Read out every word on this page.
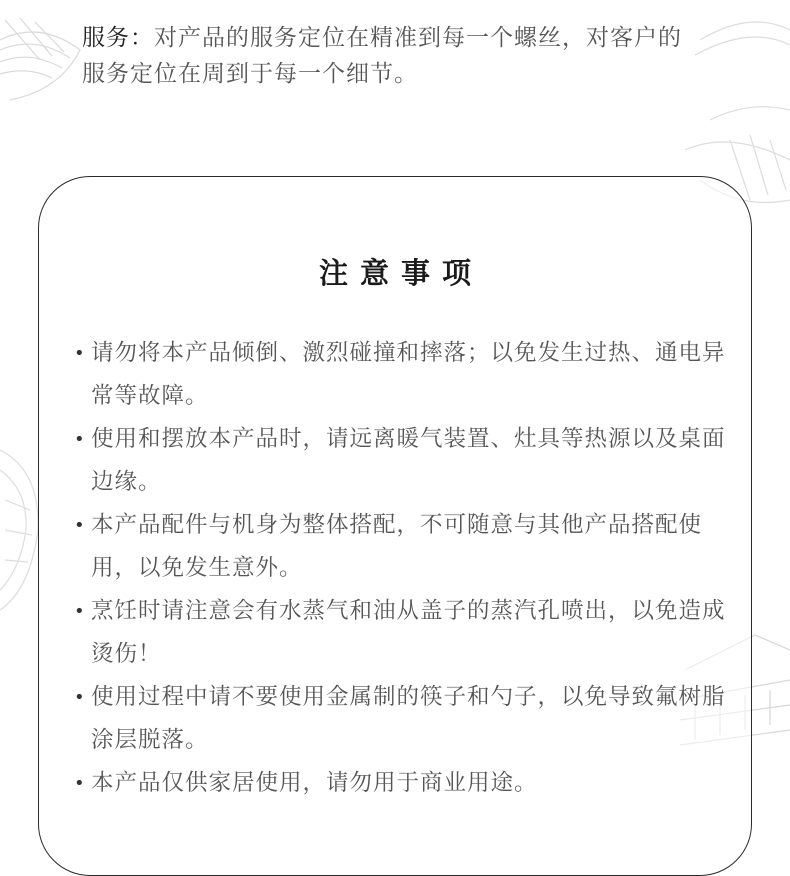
服务：对产品的服务定位在精准到每一个螺丝，对客户的服务定位在周到于每一个细节。
注意事项
• 请勿将本产品倾倒、激烈碰撞和摔落；以免发生过热、通电异常等故障。
• 使用和摆放本产品时，请远离暖气装置、灶具等热源以及桌面边缘。
• 本产品配件与机身为整体搭配，不可随意与其他产品搭配使用，以免发生意外。
• 烹饪时请注意会有水蒸气和油从盖子的蒸汽孔喷出，以免造成烫伤！
• 使用过程中请不要使用金属制的筷子和勺子，以免导致氟树脂涂层脱落。
• 本产品仅供家居使用，请勿用于商业用途。
